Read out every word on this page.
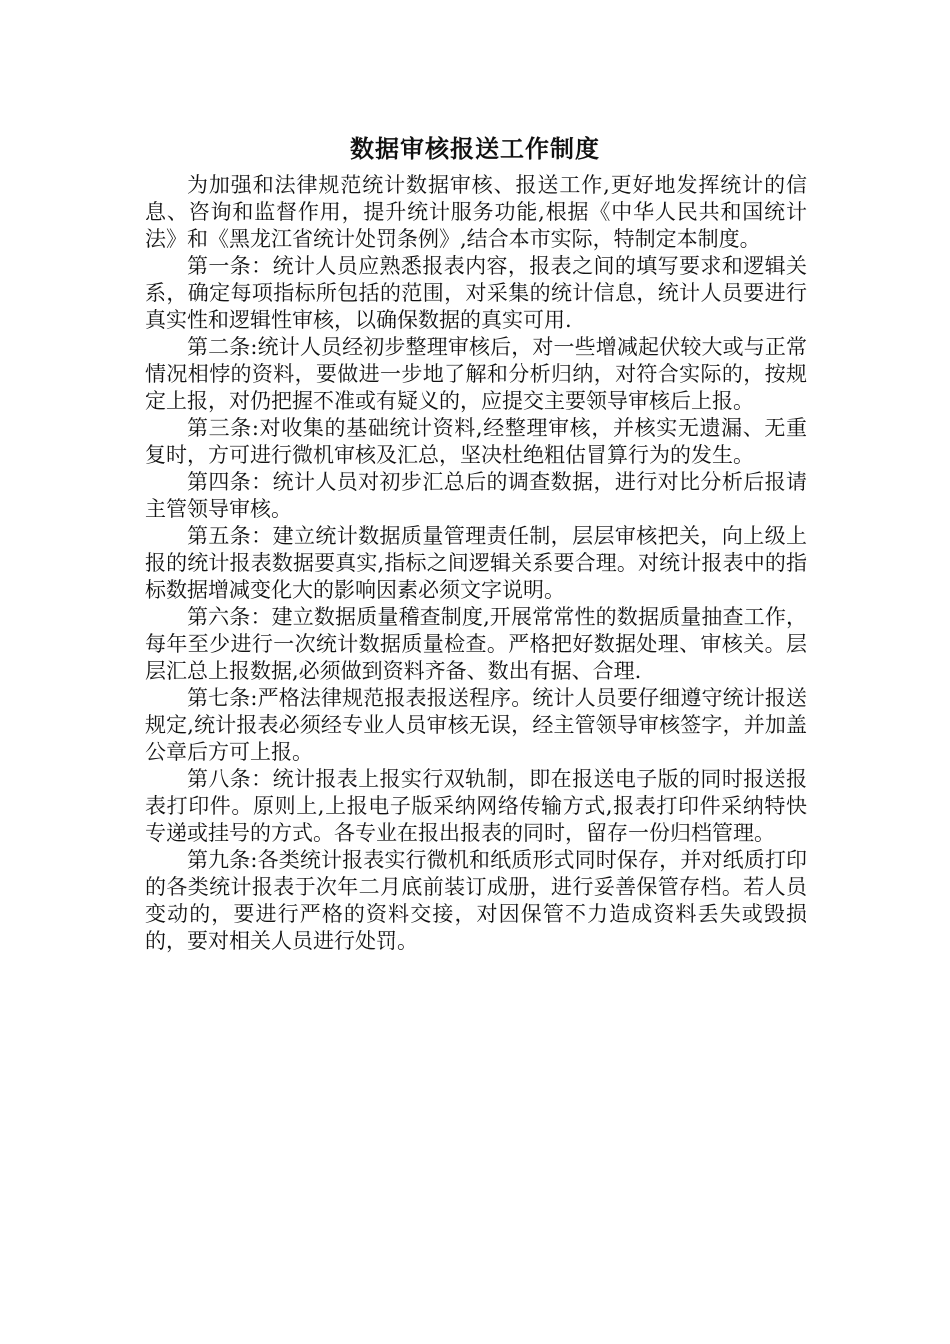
数据审核报送工作制度

为加强和法律规范统计数据审核、报送工作,更好地发挥统计的信息、咨询和监督作用，提升统计服务功能,根据《中华人民共和国统计法》和《黑龙江省统计处罚条例》,结合本市实际，特制定本制度。

第一条：统计人员应熟悉报表内容，报表之间的填写要求和逻辑关系，确定每项指标所包括的范围，对采集的统计信息，统计人员要进行真实性和逻辑性审核，以确保数据的真实可用.

第二条:统计人员经初步整理审核后，对一些增减起伏较大或与正常情况相悖的资料，要做进一步地了解和分析归纳，对符合实际的，按规定上报，对仍把握不准或有疑义的，应提交主要领导审核后上报。

第三条:对收集的基础统计资料,经整理审核，并核实无遗漏、无重复时，方可进行微机审核及汇总，坚决杜绝粗估冒算行为的发生。

第四条：统计人员对初步汇总后的调查数据，进行对比分析后报请主管领导审核。

第五条：建立统计数据质量管理责任制，层层审核把关，向上级上报的统计报表数据要真实,指标之间逻辑关系要合理。对统计报表中的指标数据增减变化大的影响因素必须文字说明。

第六条：建立数据质量稽查制度,开展常常性的数据质量抽查工作，每年至少进行一次统计数据质量检查。严格把好数据处理、审核关。层层汇总上报数据,必须做到资料齐备、数出有据、合理.

第七条:严格法律规范报表报送程序。统计人员要仔细遵守统计报送规定,统计报表必须经专业人员审核无误，经主管领导审核签字，并加盖公章后方可上报。

第八条：统计报表上报实行双轨制，即在报送电子版的同时报送报表打印件。原则上,上报电子版采纳网络传输方式,报表打印件采纳特快专递或挂号的方式。各专业在报出报表的同时，留存一份归档管理。

第九条:各类统计报表实行微机和纸质形式同时保存，并对纸质打印的各类统计报表于次年二月底前装订成册，进行妥善保管存档。若人员变动的，要进行严格的资料交接，对因保管不力造成资料丢失或毁损的，要对相关人员进行处罚。
